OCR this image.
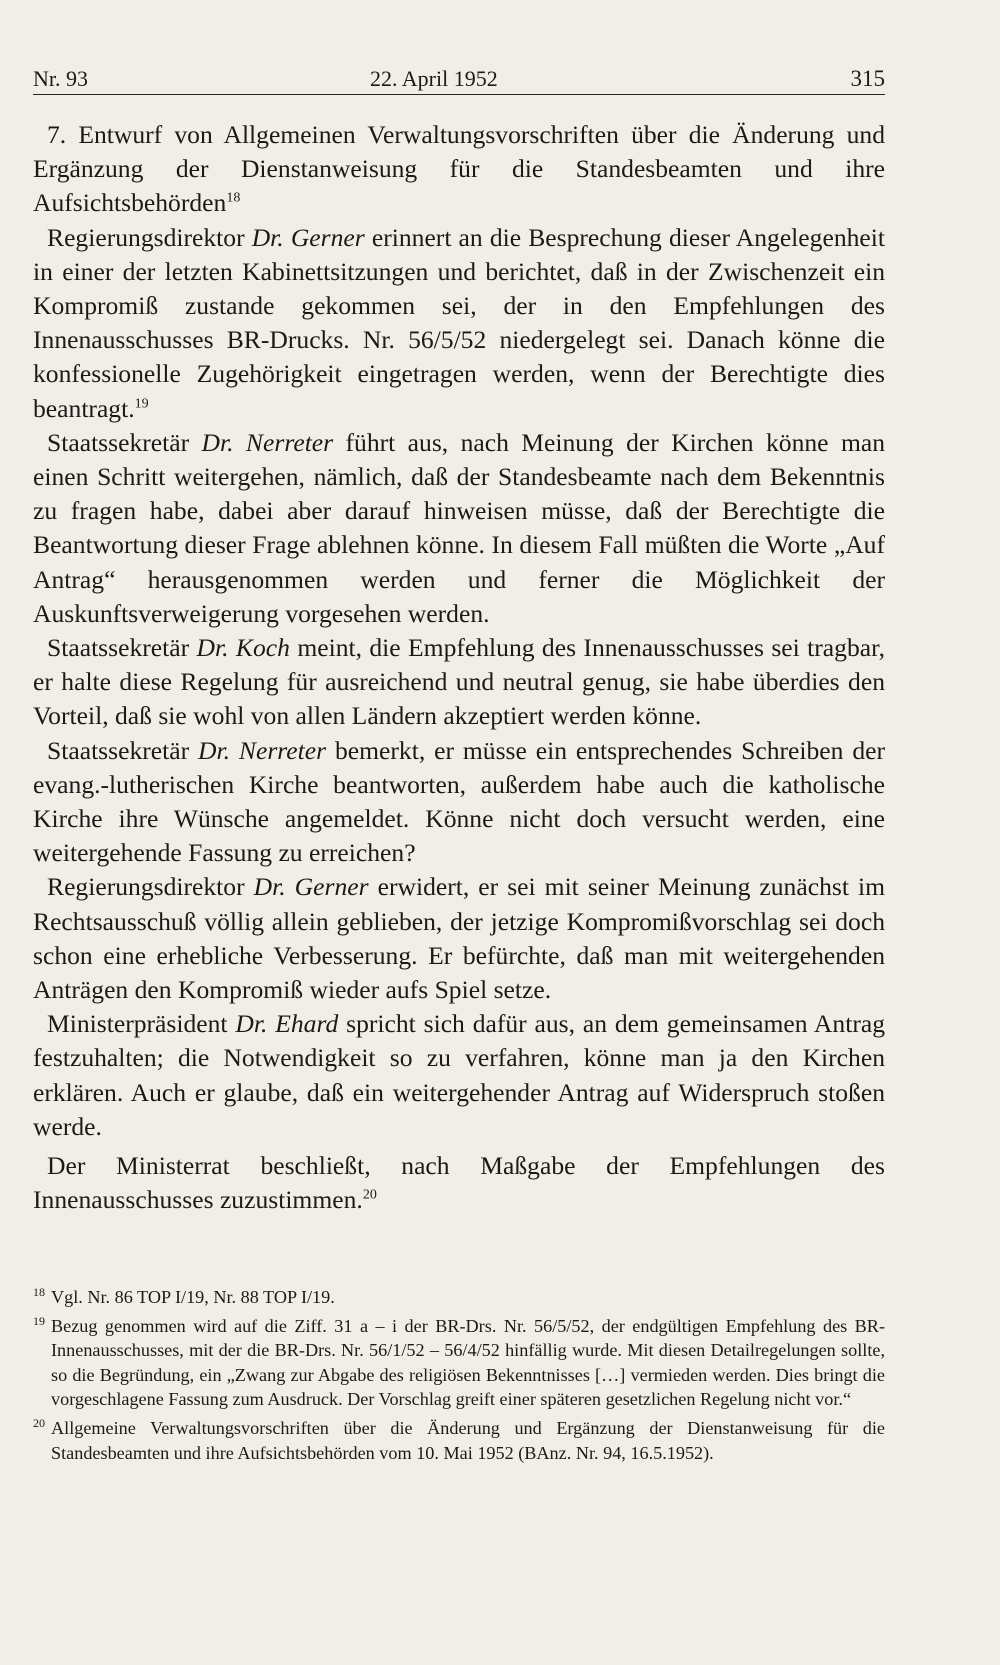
Nr. 93	22. April 1952	315

7. Entwurf von Allgemeinen Verwaltungsvorschriften über die Änderung und Ergänzung der Dienstanweisung für die Standesbeamten und ihre Aufsichtsbehörden$^{18}$

Regierungsdirektor Dr. Gerner erinnert an die Besprechung dieser Angelegenheit in einer der letzten Kabinettsitzungen und berichtet, daß in der Zwischenzeit ein Kompromiß zustande gekommen sei, der in den Empfehlungen des Innenausschusses BR-Drucks. Nr. 56/5/52 niedergelegt sei. Danach könne die konfessionelle Zugehörigkeit eingetragen werden, wenn der Berechtigte dies beantragt.$^{19}$

Staatssekretär Dr. Nerreter führt aus, nach Meinung der Kirchen könne man einen Schritt weitergehen, nämlich, daß der Standesbeamte nach dem Bekenntnis zu fragen habe, dabei aber darauf hinweisen müsse, daß der Berechtigte die Beantwortung dieser Frage ablehnen könne. In diesem Fall müßten die Worte „Auf Antrag“ herausgenommen werden und ferner die Möglichkeit der Auskunftsverweigerung vorgesehen werden.

Staatssekretär Dr. Koch meint, die Empfehlung des Innenausschusses sei tragbar, er halte diese Regelung für ausreichend und neutral genug, sie habe überdies den Vorteil, daß sie wohl von allen Ländern akzeptiert werden könne.

Staatssekretär Dr. Nerreter bemerkt, er müsse ein entsprechendes Schreiben der evang.-lutherischen Kirche beantworten, außerdem habe auch die katholische Kirche ihre Wünsche angemeldet. Könne nicht doch versucht werden, eine weitergehende Fassung zu erreichen?

Regierungsdirektor Dr. Gerner erwidert, er sei mit seiner Meinung zunächst im Rechtsausschuß völlig allein geblieben, der jetzige Kompromißvorschlag sei doch schon eine erhebliche Verbesserung. Er befürchte, daß man mit weitergehenden Anträgen den Kompromiß wieder aufs Spiel setze.

Ministerpräsident Dr. Ehard spricht sich dafür aus, an dem gemeinsamen Antrag festzuhalten; die Notwendigkeit so zu verfahren, könne man ja den Kirchen erklären. Auch er glaube, daß ein weitergehender Antrag auf Widerspruch stoßen werde.

Der Ministerrat beschließt, nach Maßgabe der Empfehlungen des Innenausschusses zuzustimmen.$^{20}$

18 Vgl. Nr. 86 TOP I/19, Nr. 88 TOP I/19.
19 Bezug genommen wird auf die Ziff. 31 a – i der BR-Drs. Nr. 56/5/52, der endgültigen Empfehlung des BR-Innenausschusses, mit der die BR-Drs. Nr. 56/1/52 – 56/4/52 hinfällig wurde. Mit diesen Detailregelungen sollte, so die Begründung, ein „Zwang zur Abgabe des religiösen Bekenntnisses […] vermieden werden. Dies bringt die vorgeschlagene Fassung zum Ausdruck. Der Vorschlag greift einer späteren gesetzlichen Regelung nicht vor.“
20 Allgemeine Verwaltungsvorschriften über die Änderung und Ergänzung der Dienstanweisung für die Standesbeamten und ihre Aufsichtsbehörden vom 10. Mai 1952 (BAnz. Nr. 94, 16.5.1952).
